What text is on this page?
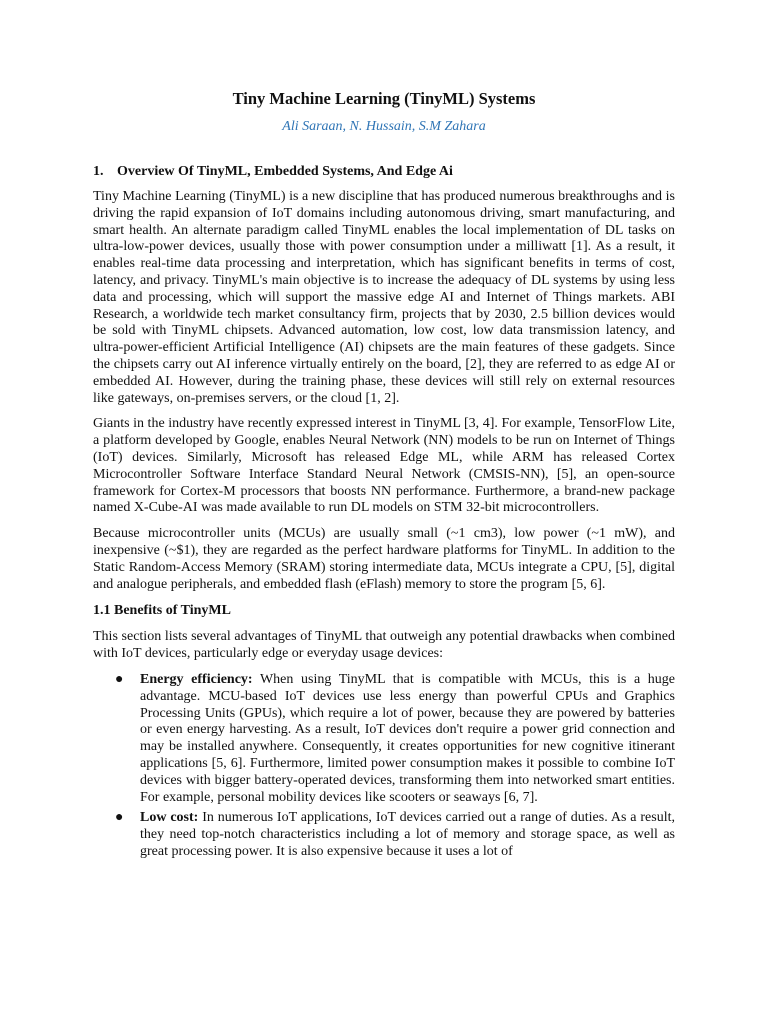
Tiny Machine Learning (TinyML) Systems
Ali Saraan, N. Hussain, S.M Zahara
1. Overview Of TinyML, Embedded Systems, And Edge Ai

Tiny Machine Learning (TinyML) is a new discipline that has produced numerous breakthroughs and is driving the rapid expansion of IoT domains including autonomous driving, smart manufacturing, and smart health. An alternate paradigm called TinyML enables the local implementation of DL tasks on ultra-low-power devices, usually those with power consumption under a milliwatt [1]. As a result, it enables real-time data processing and interpretation, which has significant benefits in terms of cost, latency, and privacy. TinyML's main objective is to increase the adequacy of DL systems by using less data and processing, which will support the massive edge AI and Internet of Things markets. ABI Research, a worldwide tech market consultancy firm, projects that by 2030, 2.5 billion devices would be sold with TinyML chipsets. Advanced automation, low cost, low data transmission latency, and ultra-power-efficient Artificial Intelligence (AI) chipsets are the main features of these gadgets. Since the chipsets carry out AI inference virtually entirely on the board, [2], they are referred to as edge AI or embedded AI. However, during the training phase, these devices will still rely on external resources like gateways, on-premises servers, or the cloud [1, 2].

Giants in the industry have recently expressed interest in TinyML [3, 4]. For example, TensorFlow Lite, a platform developed by Google, enables Neural Network (NN) models to be run on Internet of Things (IoT) devices. Similarly, Microsoft has released Edge ML, while ARM has released Cortex Microcontroller Software Interface Standard Neural Network (CMSIS-NN), [5], an open-source framework for Cortex-M processors that boosts NN performance. Furthermore, a brand-new package named X-Cube-AI was made available to run DL models on STM 32-bit microcontrollers.

Because microcontroller units (MCUs) are usually small (~1 cm3), low power (~1 mW), and inexpensive (~$1), they are regarded as the perfect hardware platforms for TinyML. In addition to the Static Random-Access Memory (SRAM) storing intermediate data, MCUs integrate a CPU, [5], digital and analogue peripherals, and embedded flash (eFlash) memory to store the program [5, 6].

1.1 Benefits of TinyML

This section lists several advantages of TinyML that outweigh any potential drawbacks when combined with IoT devices, particularly edge or everyday usage devices:

● Energy efficiency: When using TinyML that is compatible with MCUs, this is a huge advantage. MCU-based IoT devices use less energy than powerful CPUs and Graphics Processing Units (GPUs), which require a lot of power, because they are powered by batteries or even energy harvesting. As a result, IoT devices don't require a power grid connection and may be installed anywhere. Consequently, it creates opportunities for new cognitive itinerant applications [5, 6]. Furthermore, limited power consumption makes it possible to combine IoT devices with bigger battery-operated devices, transforming them into networked smart entities. For example, personal mobility devices like scooters or seaways [6, 7].
● Low cost: In numerous IoT applications, IoT devices carried out a range of duties. As a result, they need top-notch characteristics including a lot of memory and storage space, as well as great processing power. It is also expensive because it uses a lot of
